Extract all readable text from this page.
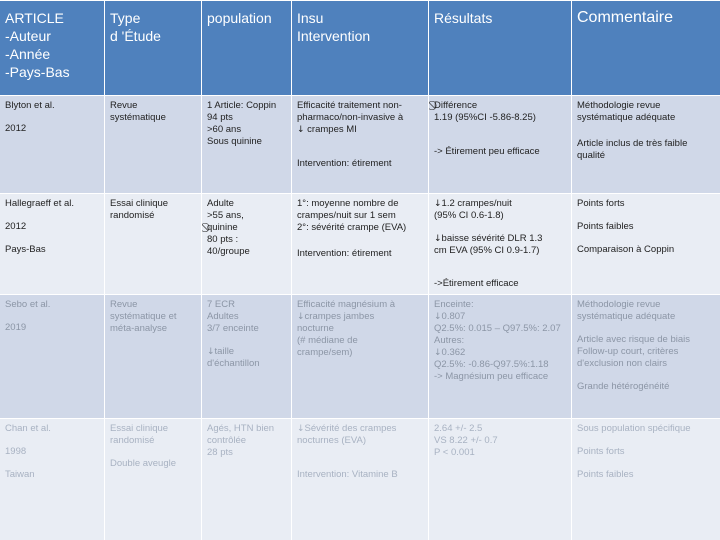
ARTICLE
-Auteur
-Année
-Pays-Bas
Type
d 'Étude
population	Insu
Intervention
Résultats	Commentaire
Blyton et al.
2012
Revue
systématique
1 Article: Coppin
94 pts
>60 ans
Sous quinine
Efficacité traitement non-
pharmaco/non-invasive à
↓ crampes MI
Intervention: étirement
Différence
1.19 (95%CI -5.86-8.25)
-> Étirement peu efficace
Méthodologie revue
systématique adéquate
Article inclus de très faible
qualité
Hallegraeff et al.
2012
Pays-Bas
Essai clinique
randomisé
Adulte
>55 ans,
quinine
80 pts :
40/groupe
1°: moyenne nombre de
crampes/nuit sur 1 sem
2°: sévérité crampe (EVA)
Intervention: étirement
↓1.2 crampes/nuit
(95% CI 0.6-1.8)
↓baisse sévérité DLR 1.3
cm EVA (95% CI 0.9-1.7)
Points forts
Points faibles
Comparaison à Coppin
->Étirement efficace
Sebo et al.
2019
Revue
systématique et
méta-analyse
7 ECR
Adultes
3/7 enceinte
↓taille
d'échantillon
Efficacité magnésium à
↓crampes jambes
nocturne
(# médiane de
crampe/sem)
Enceinte:
↓0.807
Q2.5%: 0.015 – Q97.5%: 2.07
Autres:
↓0.362
Q2.5%: -0.86-Q97.5%:1.18
-> Magnésium peu efficace
Méthodologie revue
systématique adéquate
Article avec risque de biais
Follow-up court, critères
d'exclusion non clairs
Grande hétérogénéité
Chan et al.
1998
Taiwan
Essai clinique
randomisé
Double aveugle
Agés, HTN bien
contrôlée
28 pts
↓Sévérité des crampes
nocturnes (EVA)
Intervention: Vitamine B
2.64 +/- 2.5
VS 8.22 +/- 0.7
P < 0.001
Sous population spécifique
Points forts
Points faibles
